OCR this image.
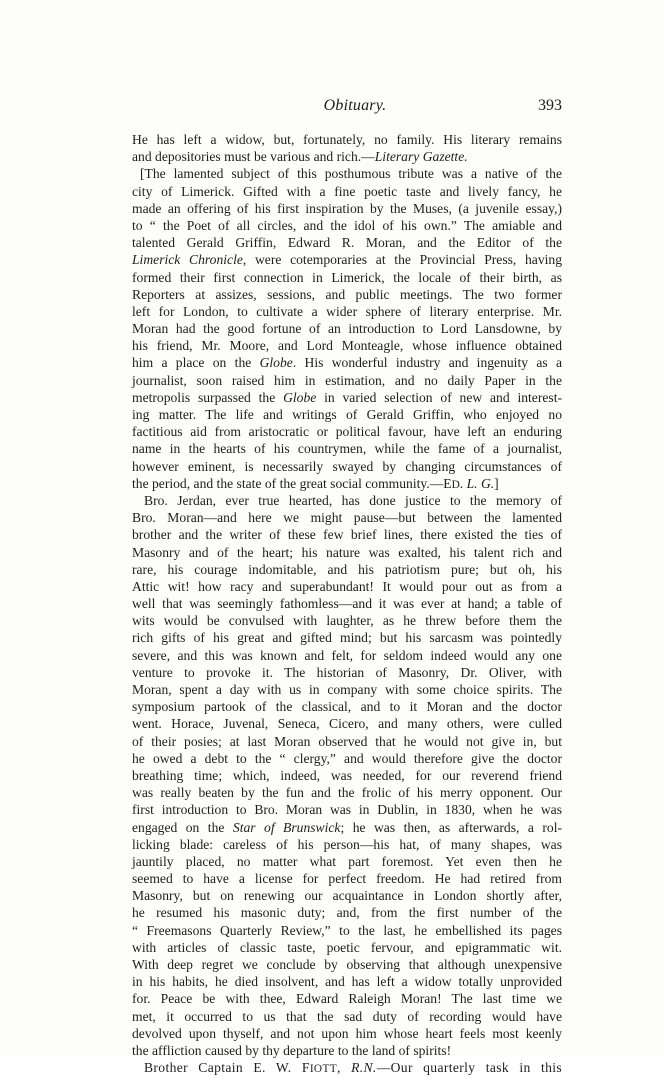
Obituary.	393
He has left a widow, but, fortunately, no family. His literary remains
and depositories must be various and rich.—Literary Gazette.
[The lamented subject of this posthumous tribute was a native of the
city of Limerick. Gifted with a fine poetic taste and lively fancy, he
made an offering of his first inspiration by the Muses, (a juvenile essay,)
to “ the Poet of all circles, and the idol of his own.” The amiable and
talented Gerald Griffin, Edward R. Moran, and the Editor of the
Limerick Chronicle, were cotemporaries at the Provincial Press, having
formed their first connection in Limerick, the locale of their birth, as
Reporters at assizes, sessions, and public meetings. The two former
left for London, to cultivate a wider sphere of literary enterprise. Mr.
Moran had the good fortune of an introduction to Lord Lansdowne, by
his friend, Mr. Moore, and Lord Monteagle, whose influence obtained
him a place on the Globe. His wonderful industry and ingenuity as a
journalist, soon raised him in estimation, and no daily Paper in the
metropolis surpassed the Globe in varied selection of new and interest-
ing matter. The life and writings of Gerald Griffin, who enjoyed no
factitious aid from aristocratic or political favour, have left an enduring
name in the hearts of his countrymen, while the fame of a journalist,
however eminent, is necessarily swayed by changing circumstances of
the period, and the state of the great social community.—ED. L. G.]
Bro. Jerdan, ever true hearted, has done justice to the memory of
Bro. Moran—and here we might pause—but between the lamented
brother and the writer of these few brief lines, there existed the ties of
Masonry and of the heart; his nature was exalted, his talent rich and
rare, his courage indomitable, and his patriotism pure; but oh, his
Attic wit! how racy and superabundant! It would pour out as from a
well that was seemingly fathomless—and it was ever at hand; a table of
wits would be convulsed with laughter, as he threw before them the
rich gifts of his great and gifted mind; but his sarcasm was pointedly
severe, and this was known and felt, for seldom indeed would any one
venture to provoke it. The historian of Masonry, Dr. Oliver, with
Moran, spent a day with us in company with some choice spirits. The
symposium partook of the classical, and to it Moran and the doctor
went. Horace, Juvenal, Seneca, Cicero, and many others, were culled
of their posies; at last Moran observed that he would not give in, but
he owed a debt to the “ clergy,” and would therefore give the doctor
breathing time; which, indeed, was needed, for our reverend friend
was really beaten by the fun and the frolic of his merry opponent. Our
first introduction to Bro. Moran was in Dublin, in 1830, when he was
engaged on the Star of Brunswick; he was then, as afterwards, a rol-
licking blade: careless of his person—his hat, of many shapes, was
jauntily placed, no matter what part foremost. Yet even then he
seemed to have a license for perfect freedom. He had retired from
Masonry, but on renewing our acquaintance in London shortly after,
he resumed his masonic duty; and, from the first number of the
“ Freemasons Quarterly Review,” to the last, he embellished its pages
with articles of classic taste, poetic fervour, and epigrammatic wit.
With deep regret we conclude by observing that although unexpensive
in his habits, he died insolvent, and has left a widow totally unprovided
for. Peace be with thee, Edward Raleigh Moran! The last time we
met, it occurred to us that the sad duty of recording would have
devolved upon thyself, and not upon him whose heart feels most keenly
the affliction caused by thy departure to the land of spirits!
Brother Captain E. W. FIOTT, R.N.—Our quarterly task in this
